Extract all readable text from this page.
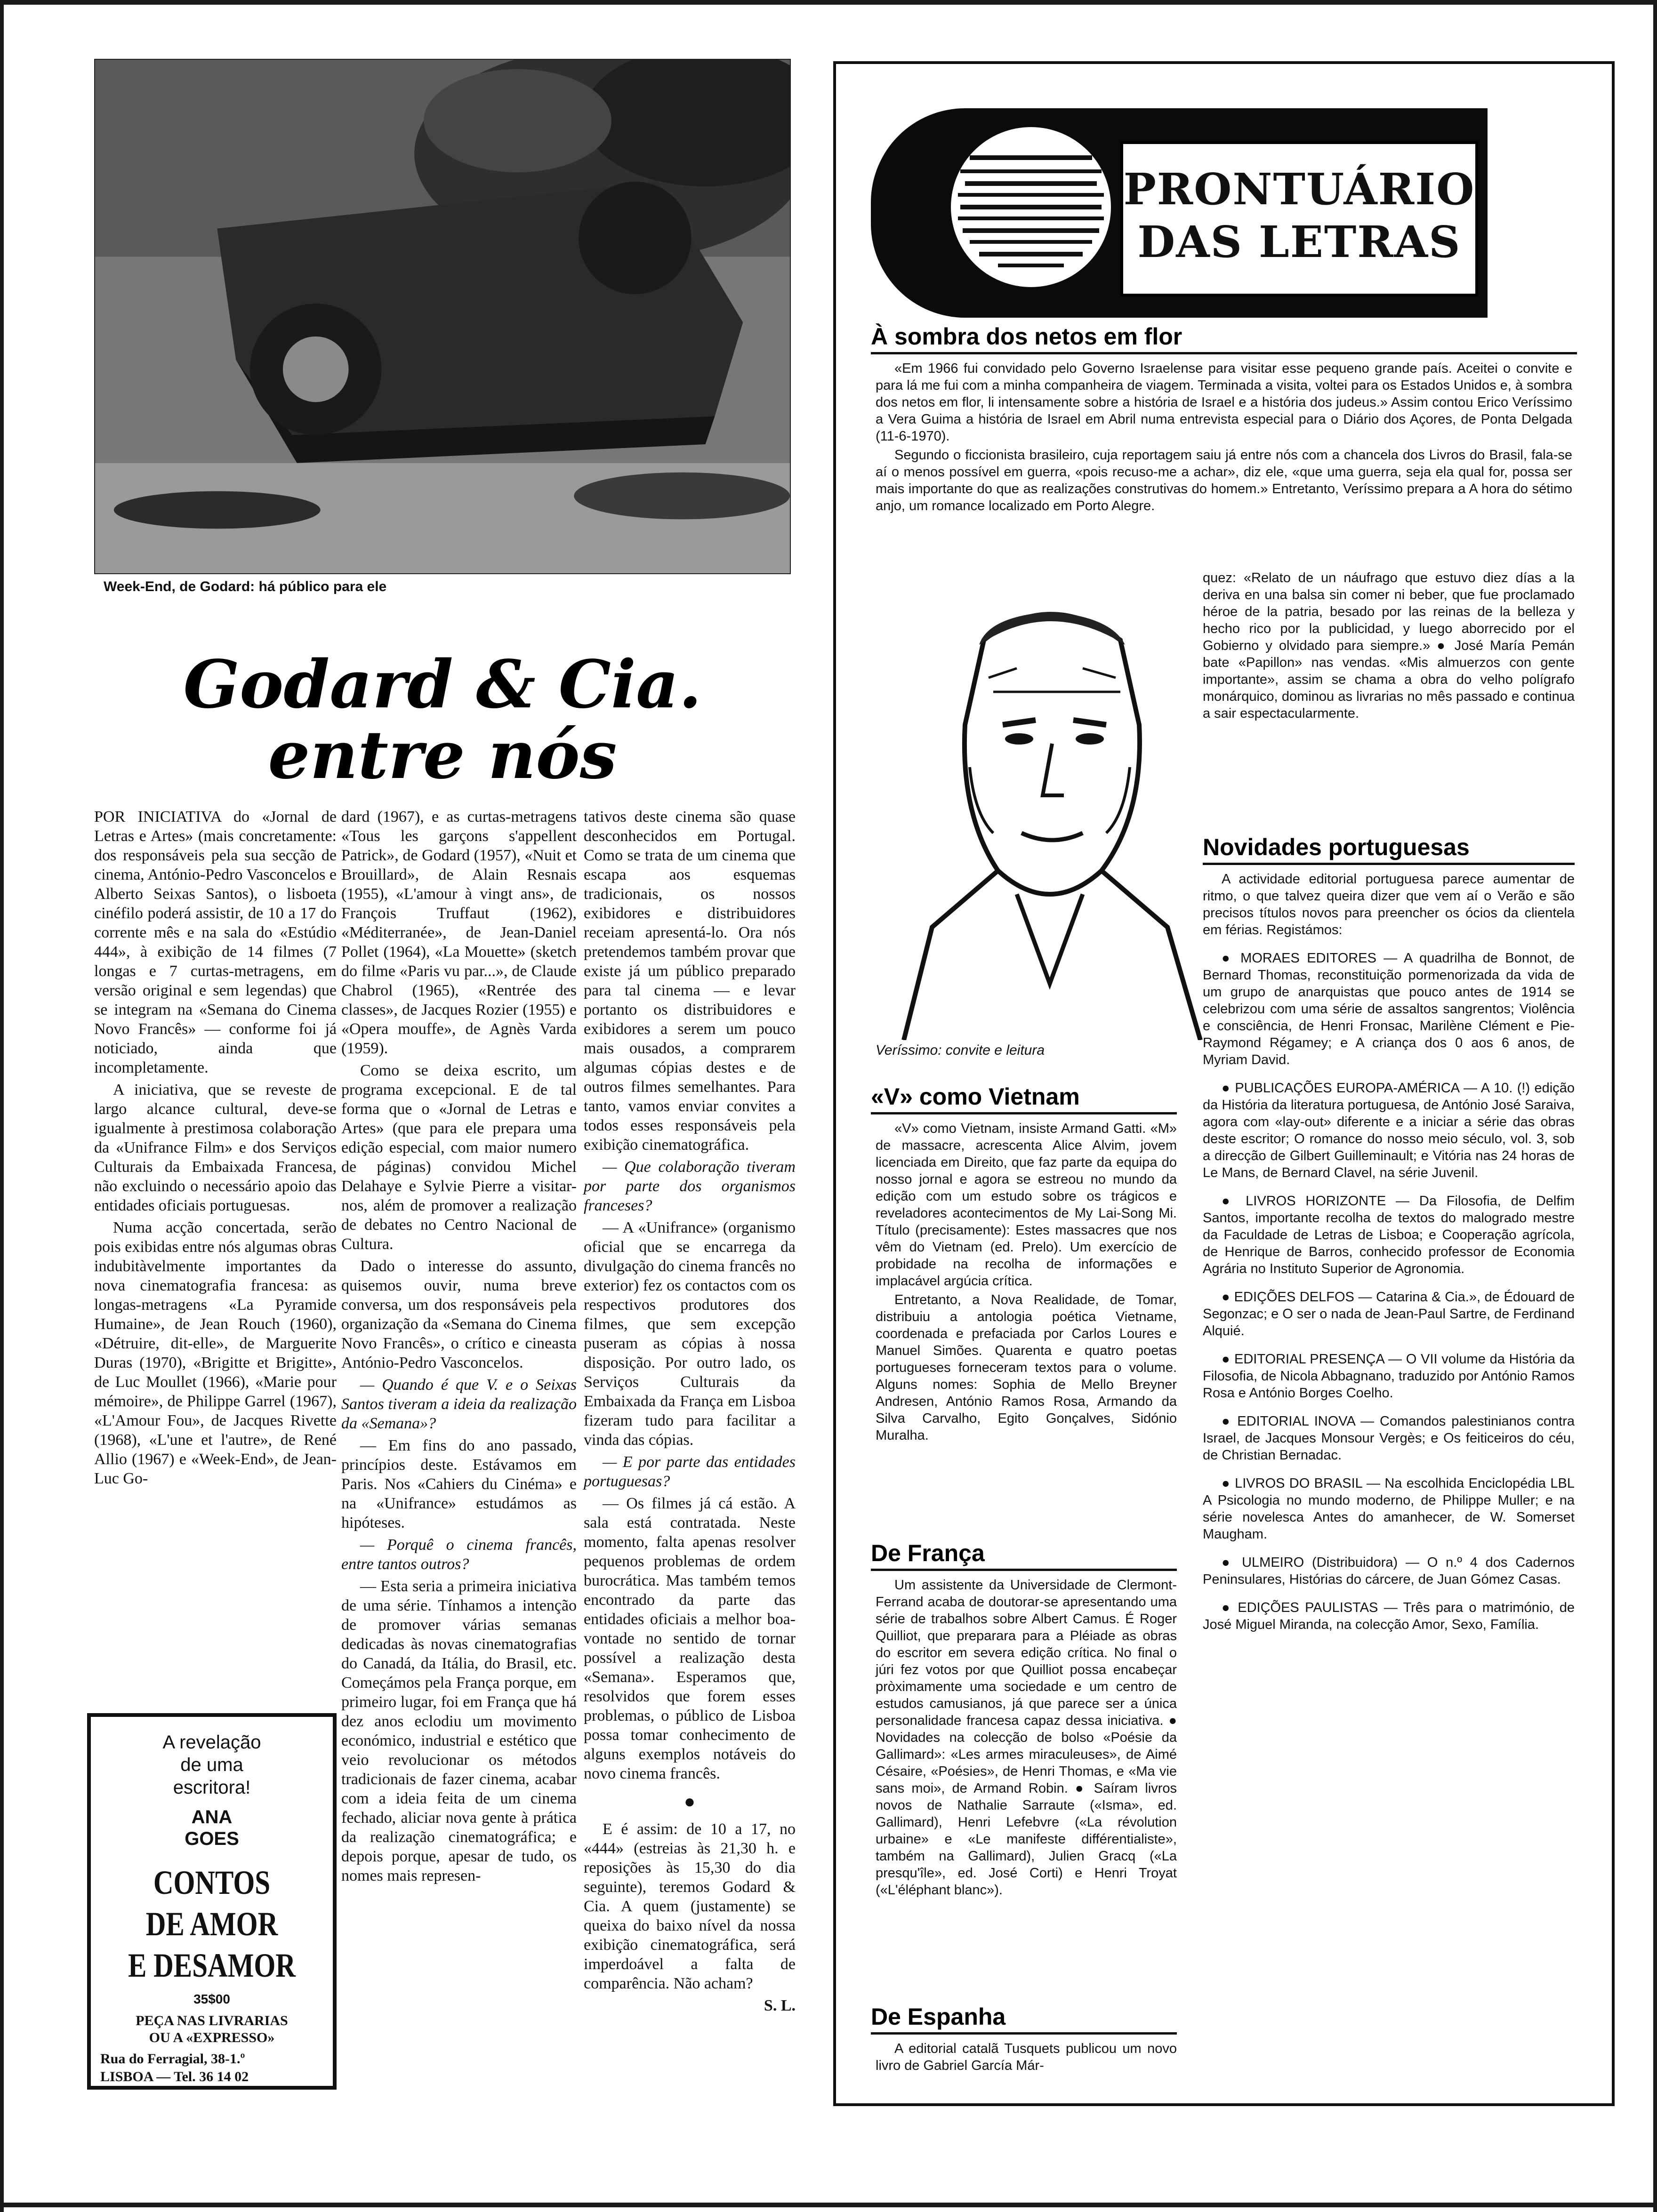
Week-End, de Godard: há público para ele
Godard & Cia.
entre nós

POR INICIATIVA do «Jornal de Letras e Artes» (mais concretamente: dos responsáveis pela sua secção de cinema, António-Pedro Vasconcelos e Alberto Seixas Santos), o lisboeta cinéfilo poderá assistir, de 10 a 17 do corrente mês e na sala do «Estúdio 444», à exibição de 14 filmes (7 longas e 7 curtas-metragens, em versão original e sem legendas) que se integram na «Semana do Cinema Novo Francês» — conforme foi já noticiado, ainda que incompletamente.

A iniciativa, que se reveste de largo alcance cultural, deve-se igualmente à prestimosa colaboração da «Unifrance Film» e dos Serviços Culturais da Embaixada Francesa, não excluindo o necessário apoio das entidades oficiais portuguesas.

Numa acção concertada, serão pois exibidas entre nós algumas obras indubitàvelmente importantes da nova cinematografia francesa: as longas-metragens «La Pyramide Humaine», de Jean Rouch (1960), «Détruire, dit-elle», de Marguerite Duras (1970), «Brigitte et Brigitte», de Luc Moullet (1966), «Marie pour mémoire», de Philippe Garrel (1967), «L'Amour Fou», de Jacques Rivette (1968), «L'une et l'autre», de René Allio (1967) e «Week-End», de Jean-Luc Go-

dard (1967), e as curtas-metragens «Tous les garçons s'appellent Patrick», de Godard (1957), «Nuit et Brouillard», de Alain Resnais (1955), «L'amour à vingt ans», de François Truffaut (1962), «Méditerranée», de Jean-Daniel Pollet (1964), «La Mouette» (sketch do filme «Paris vu par...», de Claude Chabrol (1965), «Rentrée des classes», de Jacques Rozier (1955) e «Opera mouffe», de Agnès Varda (1959).

Como se deixa escrito, um programa excepcional. E de tal forma que o «Jornal de Letras e Artes» (que para ele preparа uma edição especial, com maior numero de páginas) convidou Michel Delahaye e Sylvie Pierre a visitar-nos, além de promover a realização de debates no Centro Nacional de Cultura.

Dado o interesse do assunto, quisemos ouvir, numa breve conversa, um dos responsáveis pela organização da «Semana do Cinema Novo Francês», o crítico e cineasta António-Pedro Vasconcelos.

— Quando é que V. e o Seixas Santos tiveram a ideia da realização da «Semana»?

— Em fins do ano passado, princípios deste. Estávamos em Paris. Nos «Cahiers du Cinéma» e na «Unifrance» estudámos as hipóteses.

— Porquê o cinema francês, entre tantos outros?

— Esta seria a primeira iniciativa de uma série. Tínhamos a intenção de promover várias semanas dedicadas às novas cinematografias do Canadá, da Itália, do Brasil, etc. Começámos pela França porque, em primeiro lugar, foi em França que há dez anos eclodiu um movimento económico, industrial e estético que veio revolucionar os métodos tradicionais de fazer cinema, acabar com a ideia feita de um cinema fechado, aliciar nova gente à prática da realização cinematográfica; e depois porque, apesar de tudo, os nomes mais represen-

tativos deste cinema são quase desconhecidos em Portugal. Como se trata de um cinema que escapa aos esquemas tradicionais, os nossos exibidores e distribuidores receiam apresentá-lo. Ora nós pretendemos também provar que existe já um público preparado para tal cinema — e levar portanto os distribuidores e exibidores a serem um pouco mais ousados, a comprarem algumas cópias destes e de outros filmes semelhantes. Para tanto, vamos enviar convites a todos esses responsáveis pela exibição cinematográfica.

— Que colaboração tiveram por parte dos organismos franceses?

— A «Unifrance» (organismo oficial que se encarrega da divulgação do cinema francês no exterior) fez os contactos com os respectivos produtores dos filmes, que sem excepção puseram as cópias à nossa disposição. Por outro lado, os Serviços Culturais da Embaixada da França em Lisboa fizeram tudo para facilitar a vinda das cópias.

— E por parte das entidades portuguesas?

— Os filmes já cá estão. A sala está contratada. Neste momento, falta apenas resolver pequenos problemas de ordem burocrática. Mas também temos encontrado da parte das entidades oficiais a melhor boa-vontade no sentido de tornar possível a realização desta «Semana». Esperamos que, resolvidos que forem esses problemas, o público de Lisboa possa tomar conhecimento de alguns exemplos notáveis do novo cinema francês.

●

E é assim: de 10 a 17, no «444» (estreias às 21,30 h. e reposições às 15,30 do dia seguinte), teremos Godard & Cia. A quem (justamente) se queixa do baixo nível da nossa exibição cinematográfica, será imperdoável a falta de comparência. Não acham?

S. L.

A revelação
de uma
escritora!
ANA
GOES
CONTOS
DE AMOR
E DESAMOR
35$00
PEÇA NAS LIVRARIAS
OU A «EXPRESSO»
Rua do Ferragial, 38-1.º
LISBOA — Tel. 36 14 02
PRONTUÁRIO
DAS LETRAS
À sombra dos netos em flor

«Em 1966 fui convidado pelo Governo Israelense para visitar esse pequeno grande país. Aceitei o convite e para lá me fui com a minha companheira de viagem. Terminada a visita, voltei para os Estados Unidos e, à sombra dos netos em flor, li intensamente sobre a história de Israel e a história dos judeus.» Assim contou Erico Veríssimo a Vera Guima a história de Israel em Abril numa entrevista especial para o Diário dos Açores, de Ponta Delgada (11-6-1970).

Segundo o ficcionista brasileiro, cuja reportagem saiu já entre nós com a chancela dos Livros do Brasil, fala-se aí o menos possível em guerra, «pois recuso-me a achar», diz ele, «que uma guerra, seja ela qual for, possa ser mais importante do que as realizações construtivas do homem.» Entretanto, Veríssimo prepara a A hora do sétimo anjo, um romance localizado em Porto Alegre.

Veríssimo: convite e leitura

quez: «Relato de un náufrago que estuvo diez días a la deriva en una balsa sin comer ni beber, que fue proclamado héroe de la patria, besado por las reinas de la belleza y hecho rico por la publicidad, y luego aborrecido por el Gobierno y olvidado para siempre.» ● José María Pemán bate «Papillon» nas vendas. «Mis almuerzos con gente importante», assim se chama a obra do velho polígrafo monárquico, dominou as livrarias no mês passado e continua a sair espectacularmente.

Novidades portuguesas

A actividade editorial portuguesa parece aumentar de ritmo, o que talvez queira dizer que vem aí o Verão e são precisos títulos novos para preencher os ócios da clientela em férias. Registámos:

● MORAES EDITORES — A quadrilha de Bonnot, de Bernard Thomas, reconstituição pormenorizada da vida de um grupo de anarquistas que pouco antes de 1914 se celebrizou com uma série de assaltos sangrentos; Violência e consciência, de Henri Fronsac, Marilène Clément e Pie-Raymond Régamey; e A criança dos 0 aos 6 anos, de Myriam David.

● PUBLICAÇÕES EUROPA-AMÉRICA — A 10. (!) edição da História da literatura portuguesa, de António José Saraiva, agora com «lay-out» diferente e a iniciar a série das obras deste escritor; O romance do nosso meio século, vol. 3, sob a direcção de Gilbert Guilleminault; e Vitória nas 24 horas de Le Mans, de Bernard Clavel, na série Juvenil.

● LIVROS HORIZONTE — Da Filosofia, de Delfim Santos, importante recolha de textos do malogrado mestre da Faculdade de Letras de Lisboa; e Cooperação agrícola, de Henrique de Barros, conhecido professor de Economia Agrária no Instituto Superior de Agronomia.

● EDIÇÕES DELFOS — Catarina & Cia.», de Édouard de Segonzac; e O ser o nada de Jean-Paul Sartre, de Ferdinand Alquié.

● EDITORIAL PRESENÇA — O VII volume da História da Filosofia, de Nicola Abbagnano, traduzido por António Ramos Rosa e António Borges Coelho.

● EDITORIAL INOVA — Comandos palestinianos contra Israel, de Jacques Monsour Vergès; e Os feiticeiros do céu, de Christian Bernadac.

● LIVROS DO BRASIL — Na escolhida Enciclopédia LBL A Psicologia no mundo moderno, de Philippe Muller; e na série novelesca Antes do amanhecer, de W. Somerset Maugham.

● ULMEIRO (Distribuidora) — O n.º 4 dos Cadernos Peninsulares, Histórias do cárcere, de Juan Gómez Casas.

● EDIÇÕES PAULISTAS — Três para o matrimónio, de José Miguel Miranda, na colecção Amor, Sexo, Família.

«V» como Vietnam

«V» como Vietnam, insiste Armand Gatti. «M» de massacre, acrescenta Alice Alvim, jovem licenciada em Direito, que faz parte da equipa do nosso jornal e agora se estreou no mundo da edição com um estudo sobre os trágicos e reveladores acontecimentos de My Lai-Song Mi. Título (precisamente): Estes massacres que nos vêm do Vietnam (ed. Prelo). Um exercício de probidade na recolha de informações e implacável argúcia crítica.

Entretanto, a Nova Realidade, de Tomar, distribuiu a antologia poética Vietname, coordenada e prefaciada por Carlos Loures e Manuel Simões. Quarenta e quatro poetas portugueses forneceram textos para o volume. Alguns nomes: Sophia de Mello Breyner Andresen, António Ramos Rosa, Armando da Silva Carvalho, Egito Gonçalves, Sidónio Muralha.

De França

Um assistente da Universidade de Clermont-Ferrand acaba de doutorar-se apresentando uma série de trabalhos sobre Albert Camus. É Roger Quilliot, que preparara para a Pléiade as obras do escritor em severa edição crítica. No final o júri fez votos por que Quilliot possa encabeçar pròximamente uma sociedade e um centro de estudos camusianos, já que parece ser a única personalidade francesa capaz dessa iniciativa. ● Novidades na colecção de bolso «Poésie da Gallimard»: «Les armes miraculeuses», de Aimé Césaire, «Poésies», de Henri Thomas, e «Ma vie sans moi», de Armand Robin. ● Saíram livros novos de Nathalie Sarraute («Isma», ed. Gallimard), Henri Lefebvre («La révolution urbaine» e «Le manifeste différentialiste», também na Gallimard), Julien Gracq («La presqu'île», ed. José Corti) e Henri Troyat («L'éléphant blanc»).

De Espanha

A editorial catalã Tusquets publicou um novo livro de Gabriel García Már-
